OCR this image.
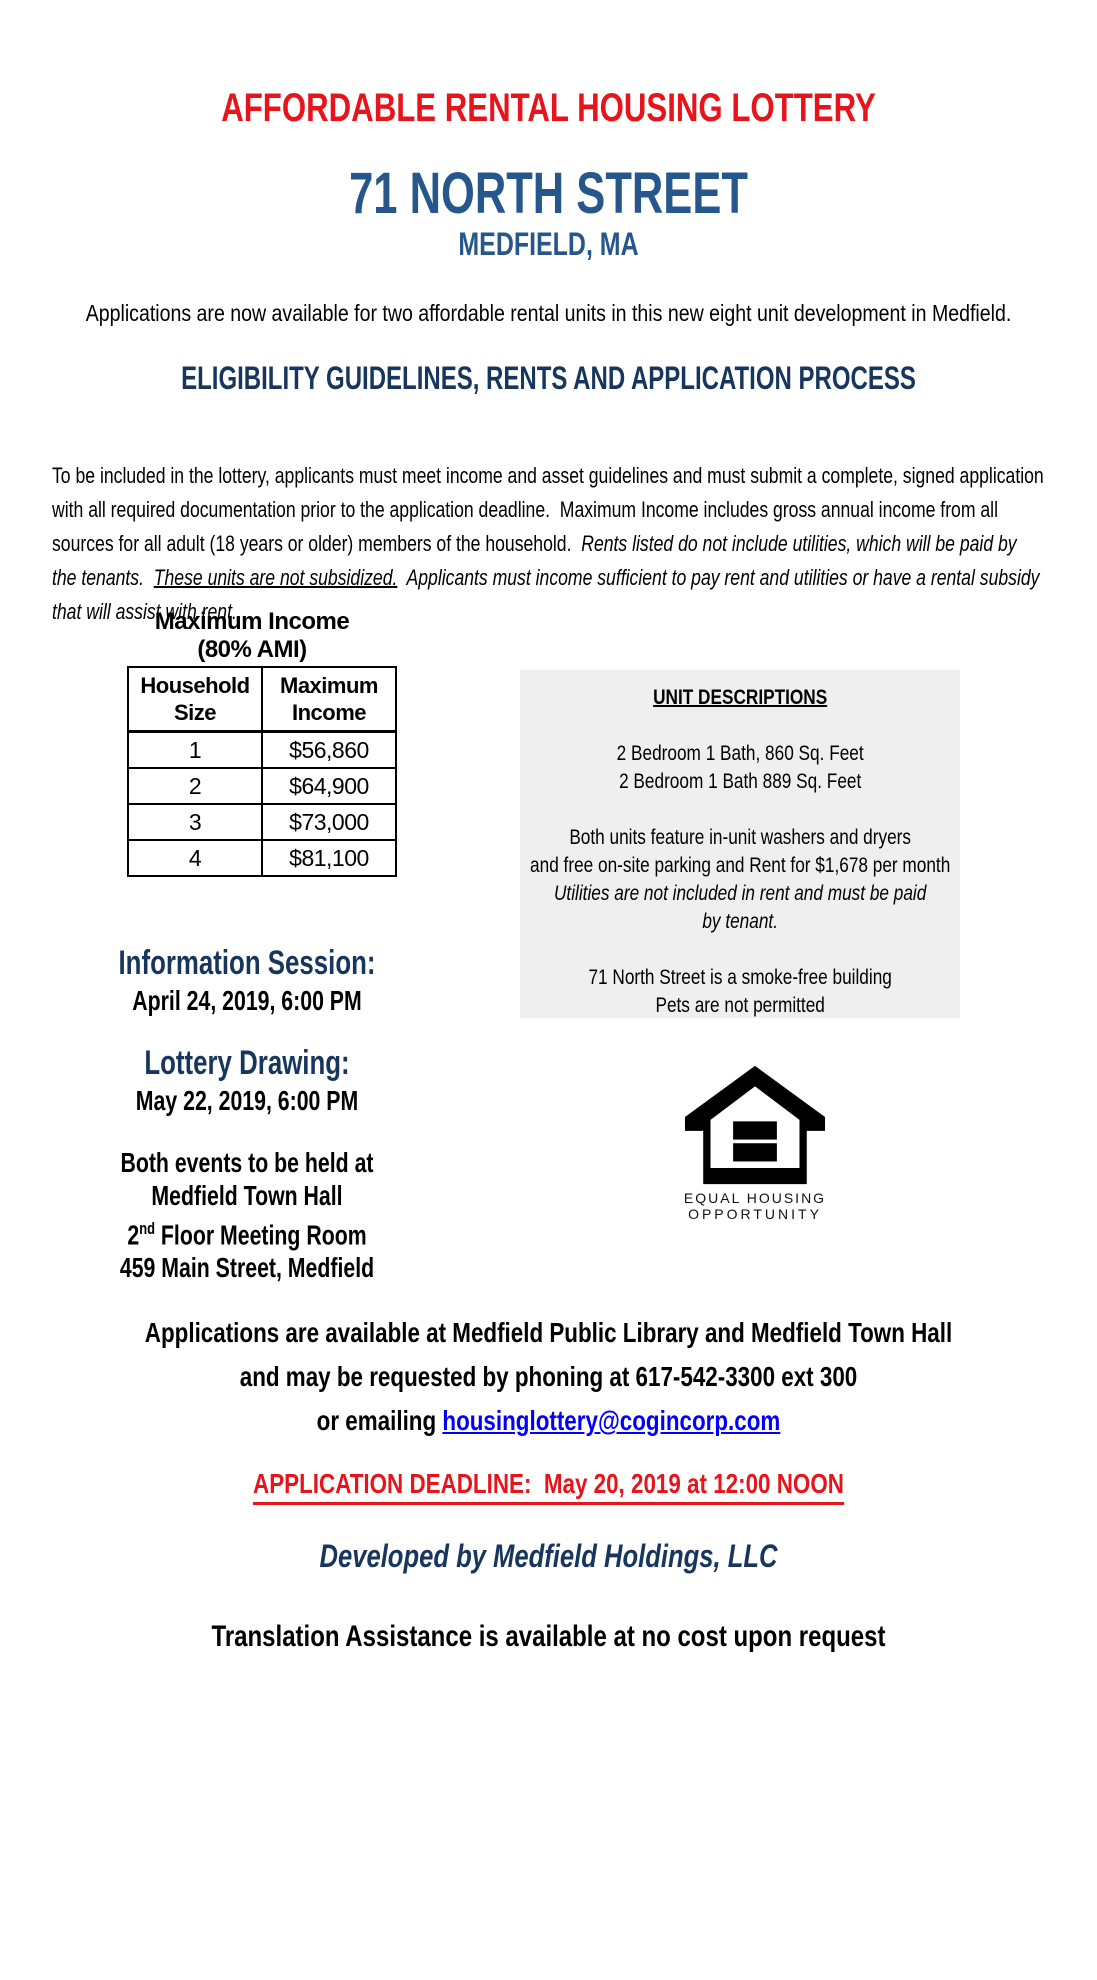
AFFORDABLE RENTAL HOUSING LOTTERY
71 NORTH STREET
MEDFIELD, MA
Applications are now available for two affordable rental units in this new eight unit development in Medfield.
ELIGIBILITY GUIDELINES, RENTS AND APPLICATION PROCESS

To be included in the lottery, applicants must meet income and asset guidelines and must submit a complete, signed application with all required documentation prior to the application deadline.  Maximum Income includes gross annual income from all sources for all adult (18 years or older) members of the household.  Rents listed do not include utilities, which will be paid by the tenants.  These units are not subsidized.  Applicants must income sufficient to pay rent and utilities or have a rental subsidy that will assist with rent.

Maximum Income
(80% AMI)
Household Size	Maximum Income
1	$56,860
2	$64,900
3	$73,000
4	$81,100
UNIT DESCRIPTIONS
2 Bedroom 1 Bath, 860 Sq. Feet
2 Bedroom 1 Bath 889 Sq. Feet
Both units feature in-unit washers and dryers
and free on-site parking and Rent for $1,678 per month
Utilities are not included in rent and must be paid
by tenant.
71 North Street is a smoke-free building
Pets are not permitted
Information Session:
April 24, 2019, 6:00 PM
Lottery Drawing:
May 22, 2019, 6:00 PM
Both events to be held at
Medfield Town Hall
2nd Floor Meeting Room
459 Main Street, Medfield
EQUAL HOUSING
OPPORTUNITY
Applications are available at Medfield Public Library and Medfield Town Hall
and may be requested by phoning at 617-542-3300 ext 300
or emailing housinglottery@cogincorp.com
APPLICATION DEADLINE:  May 20, 2019 at 12:00 NOON
Developed by Medfield Holdings, LLC
Translation Assistance is available at no cost upon request
